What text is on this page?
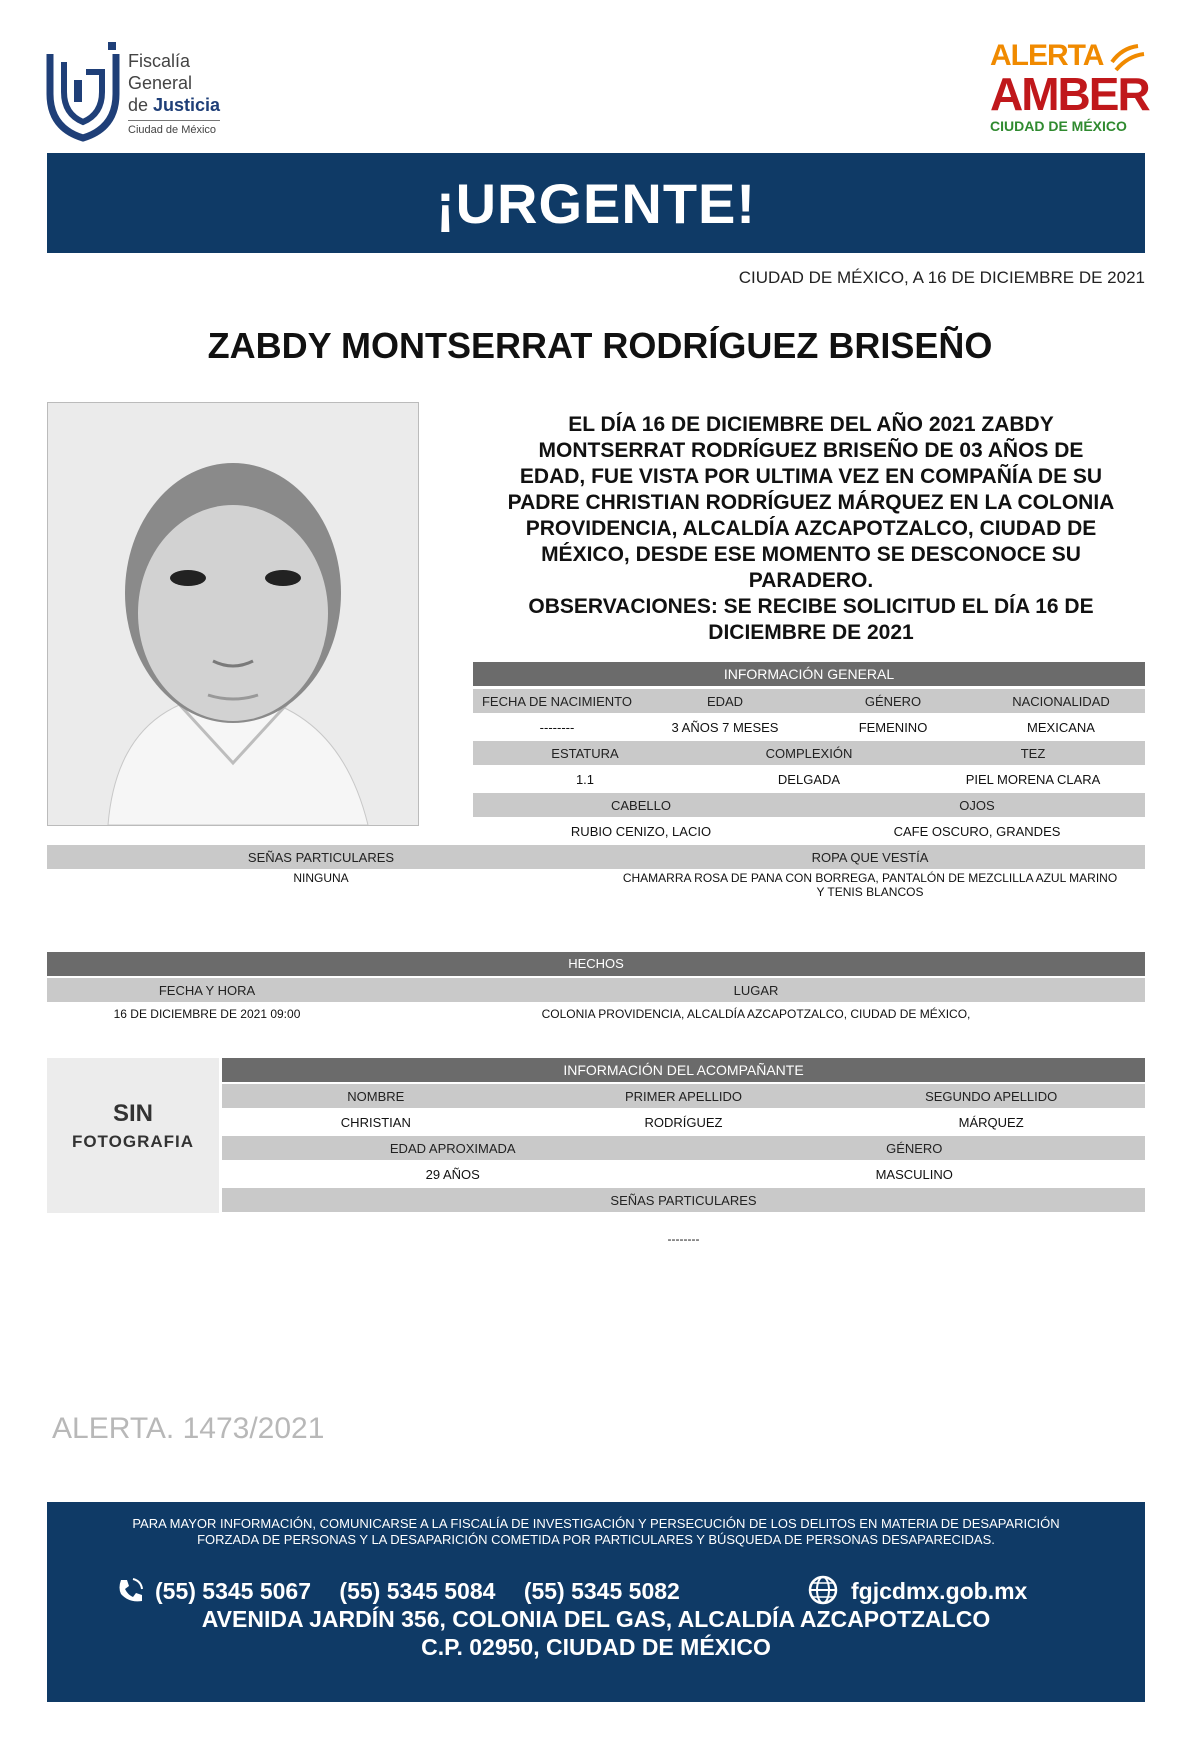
Fiscalía
General
de Justicia
Ciudad de México
ALERTA
AMBER
CIUDAD DE MÉXICO
¡URGENTE!
CIUDAD DE MÉXICO, A 16 DE DICIEMBRE DE 2021
ZABDY MONTSERRAT RODRÍGUEZ BRISEÑO
EL DÍA 16 DE DICIEMBRE DEL AÑO 2021 ZABDY
MONTSERRAT RODRÍGUEZ BRISEÑO DE 03 AÑOS DE
EDAD, FUE VISTA POR ULTIMA VEZ EN COMPAÑÍA DE SU
PADRE CHRISTIAN RODRÍGUEZ MÁRQUEZ EN LA COLONIA
PROVIDENCIA, ALCALDÍA AZCAPOTZALCO, CIUDAD DE
MÉXICO, DESDE ESE MOMENTO SE DESCONOCE SU
PARADERO.
OBSERVACIONES: SE RECIBE SOLICITUD EL DÍA 16 DE
DICIEMBRE DE 2021
INFORMACIÓN GENERAL
FECHA DE NACIMIENTO	EDAD	GÉNERO	NACIONALIDAD
--------	3 AÑOS 7 MESES	FEMENINO	MEXICANA
ESTATURA	COMPLEXIÓN	TEZ
1.1	DELGADA	PIEL MORENA CLARA
CABELLO	OJOS
RUBIO CENIZO, LACIO	CAFE OSCURO, GRANDES
SEÑAS PARTICULARES	ROPA QUE VESTÍA
NINGUNA	CHAMARRA ROSA DE PANA CON BORREGA, PANTALÓN DE MEZCLILLA AZUL MARINO
Y TENIS BLANCOS
HECHOS
FECHA Y HORA	LUGAR
16 DE DICIEMBRE DE 2021 09:00	COLONIA PROVIDENCIA, ALCALDÍA AZCAPOTZALCO, CIUDAD DE MÉXICO,
SIN
FOTOGRAFIA
INFORMACIÓN DEL ACOMPAÑANTE
NOMBRE	PRIMER APELLIDO	SEGUNDO APELLIDO
CHRISTIAN	RODRÍGUEZ	MÁRQUEZ
EDAD APROXIMADA	GÉNERO
29 AÑOS	MASCULINO
SEÑAS PARTICULARES
--------
ALERTA. 1473/2021
PARA MAYOR INFORMACIÓN, COMUNICARSE A LA FISCALÍA DE INVESTIGACIÓN Y PERSECUCIÓN DE LOS DELITOS EN MATERIA DE DESAPARICIÓN
FORZADA DE PERSONAS Y LA DESAPARICIÓN COMETIDA POR PARTICULARES Y BÚSQUEDA DE PERSONAS DESAPARECIDAS.
(55) 5345 5067 (55) 5345 5084 (55) 5345 5082	fgjcdmx.gob.mx
AVENIDA JARDÍN 356, COLONIA DEL GAS, ALCALDÍA AZCAPOTZALCO
C.P. 02950, CIUDAD DE MÉXICO
